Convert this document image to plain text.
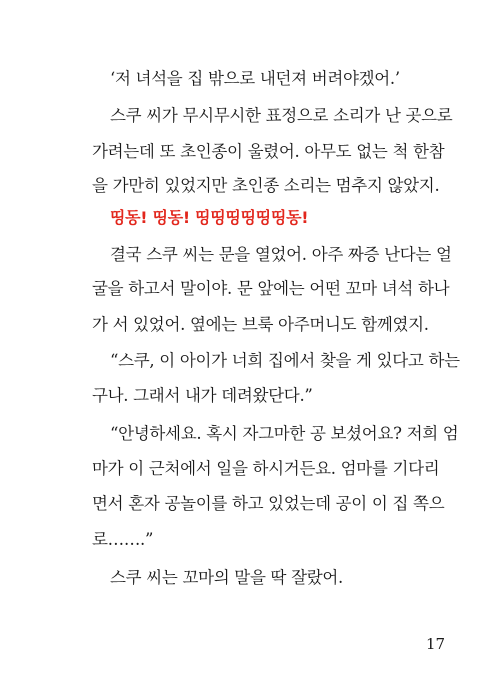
‘저 녀석을 집 밖으로 내던져 버려야겠어.’
스쿠 씨가 무시무시한 표정으로 소리가 난 곳으로
가려는데 또 초인종이 울렸어. 아무도 없는 척 한참
을 가만히 있었지만 초인종 소리는 멈추지 않았지.
띵동! 띵동! 띵띵띵띵띵띵동!
결국 스쿠 씨는 문을 열었어. 아주 짜증 난다는 얼
굴을 하고서 말이야. 문 앞에는 어떤 꼬마 녀석 하나
가 서 있었어. 옆에는 브룩 아주머니도 함께였지.
“스쿠, 이 아이가 너희 집에서 찾을 게 있다고 하는
구나. 그래서 내가 데려왔단다.”
“안녕하세요. 혹시 자그마한 공 보셨어요? 저희 엄
마가 이 근처에서 일을 하시거든요. 엄마를 기다리
면서 혼자 공놀이를 하고 있었는데 공이 이 집 쪽으
로…….”
스쿠 씨는 꼬마의 말을 딱 잘랐어.
17
